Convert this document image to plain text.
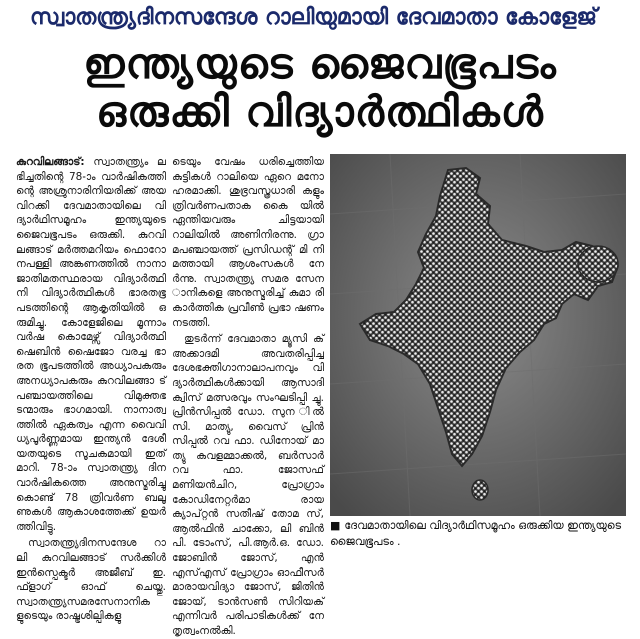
സ്വാതന്ത്ര്യദിനസന്ദേശ റാലിയുമായി ദേവമാതാ കോളേജ്
ഇന്ത്യയുടെ ജൈവഭൂപടം
ഒരുക്കി വിദ്യാർത്ഥികൾ

കുറവിലങ്ങാട്: സ്വാതന്ത്ര്യം ല ഭിച്ചതിന്റെ 78-ാം വാർഷികത്തി ന്റെ അശ്രുനാരിനിയരിക്ക് അയ വിറക്കി ദേവമാതായിലെ വി ദ്യാർഥിസമൂഹം ഇന്ത്യയുടെ ജൈവഭൂപടം ഒരുക്കി. കുറവി ലങ്ങാട് മർത്തമറിയം ഫൊറോ നപള്ളി അങ്കണത്തിൽ നാനാ ജാതിമതസ്ഥരായ വിദ്യാർത്ഥി നി വിദ്യാർത്ഥികൾ ഭാരതഭൂ പടത്തിന്റെ ആകൃതിയിൽ ഒ രുമിച്ചു. കോളേജിലെ മൂന്നാം വർഷ കൊമേഴ്സ് വിദ്യാർത്ഥി ഷെബിൻ ഷൈജോ വരച്ച ഭാ രത ഭൂപടത്തിൽ അധ്യാപകരും അനധ്യാപകരും കുറവിലങ്ങാ ട് പഞ്ചായത്തിലെ വിമുക്തഭ ടന്മാരും ഭാഗമായി. നാനാത്വ ത്തിൽ ഏകത്വം എന്ന വൈവി ധ്യപൂർണ്ണമായ ഇന്ത്യൻ ദേശീ യതയുടെ സൂചകമായി ഇത് മാറി. 78-ാം സ്വാതന്ത്ര്യ ദിന വാർഷികത്തെ അനുസ്മരിച്ചു കൊണ്ട് 78 ത്രിവർണ ബലൂ ണുകൾ ആകാശത്തേക്ക് ഉയർ ത്തിവിട്ടു.

സ്വാതന്ത്ര്യദിനസന്ദേശ റാ ലി കുറവിലങ്ങാട് സർക്കിൾ ഇൻസ്പെക്ടർ അജീബ് ഇ. ഫ്ളാഗ് ഓഫ് ചെയ്തു. സ്വാതന്ത്ര്യസമരസേനാനിക ളുടെയും രാഷ്ട്രശില്പികളു

ടെയും വേഷം ധരിച്ചെത്തിയ കുട്ടികൾ റാലിയെ ഏറെ മനോ ഹരമാക്കി. ശുഭ്രവസ്ത്രധാരി കളും ത്രിവർണപതാക കൈ യിൽ ഏന്തിയവരും ചിട്ടയായി റാലിയിൽ അണിനിരന്നു. ഗ്രാ മപഞ്ചായത്ത് പ്രസിഡന്റ് മി നി മത്തായി ആശംസകൾ നേ ർന്നു. സ്വാതന്ത്ര്യ സമര സേന ാനികളെ അനുസ്മരിച്ച് കുമാ രി കാർത്തിക പ്രവീൺ പ്രഭാ ഷണം നടത്തി.

തുടർന്ന് ദേവമാതാ മ്യൂസി ക് അക്കാദമി അവതരിപ്പിച്ച ദേശഭക്തിഗാനാലാപനവും വി ദ്യാർത്ഥികൾക്കായി ആസാദി ക്വിസ് മത്സരവും സംഘടിപ്പി ച്ചു. പ്രിൻസിപ്പൽ ഡോ. സുന ിൽ സി. മാത്യു, വൈസ് പ്രിൻ സിപ്പൽ റവ ഫാ. ഡിനോയ് മാ ത്യു കവളമ്മാക്കൽ, ബർസാർ റവ ഫാ. ജോസഫ് മണിയൻചിറ, പ്രോഗ്രാം കോഡിനേറ്റർമാ രായ ക്യാപ്റ്റൻ സതീഷ് തോമ സ്, ആൽഫിൻ ചാക്കോ, ലി ബിൻ പി. ടോംസ്, പി.ആർ.ഒ. ഡോ. ജോബിൻ ജോസ്, എൻ എസ്എസ് പ്രോഗ്രാം ഓഫീസർ മാരായവിദ്യാ ജോസ്, ജിതിൻ ജോയ്, ടാൻസൺ സിറിയക് എന്നിവർ പരിപാടികൾക്ക് നേ തൃത്വംനൽകി.

■ ദേവമാതായിലെ വിദ്യാർഥിസമൂഹം ഒരുക്കിയ ഇന്ത്യയുടെ ജൈവഭൂപടം .
